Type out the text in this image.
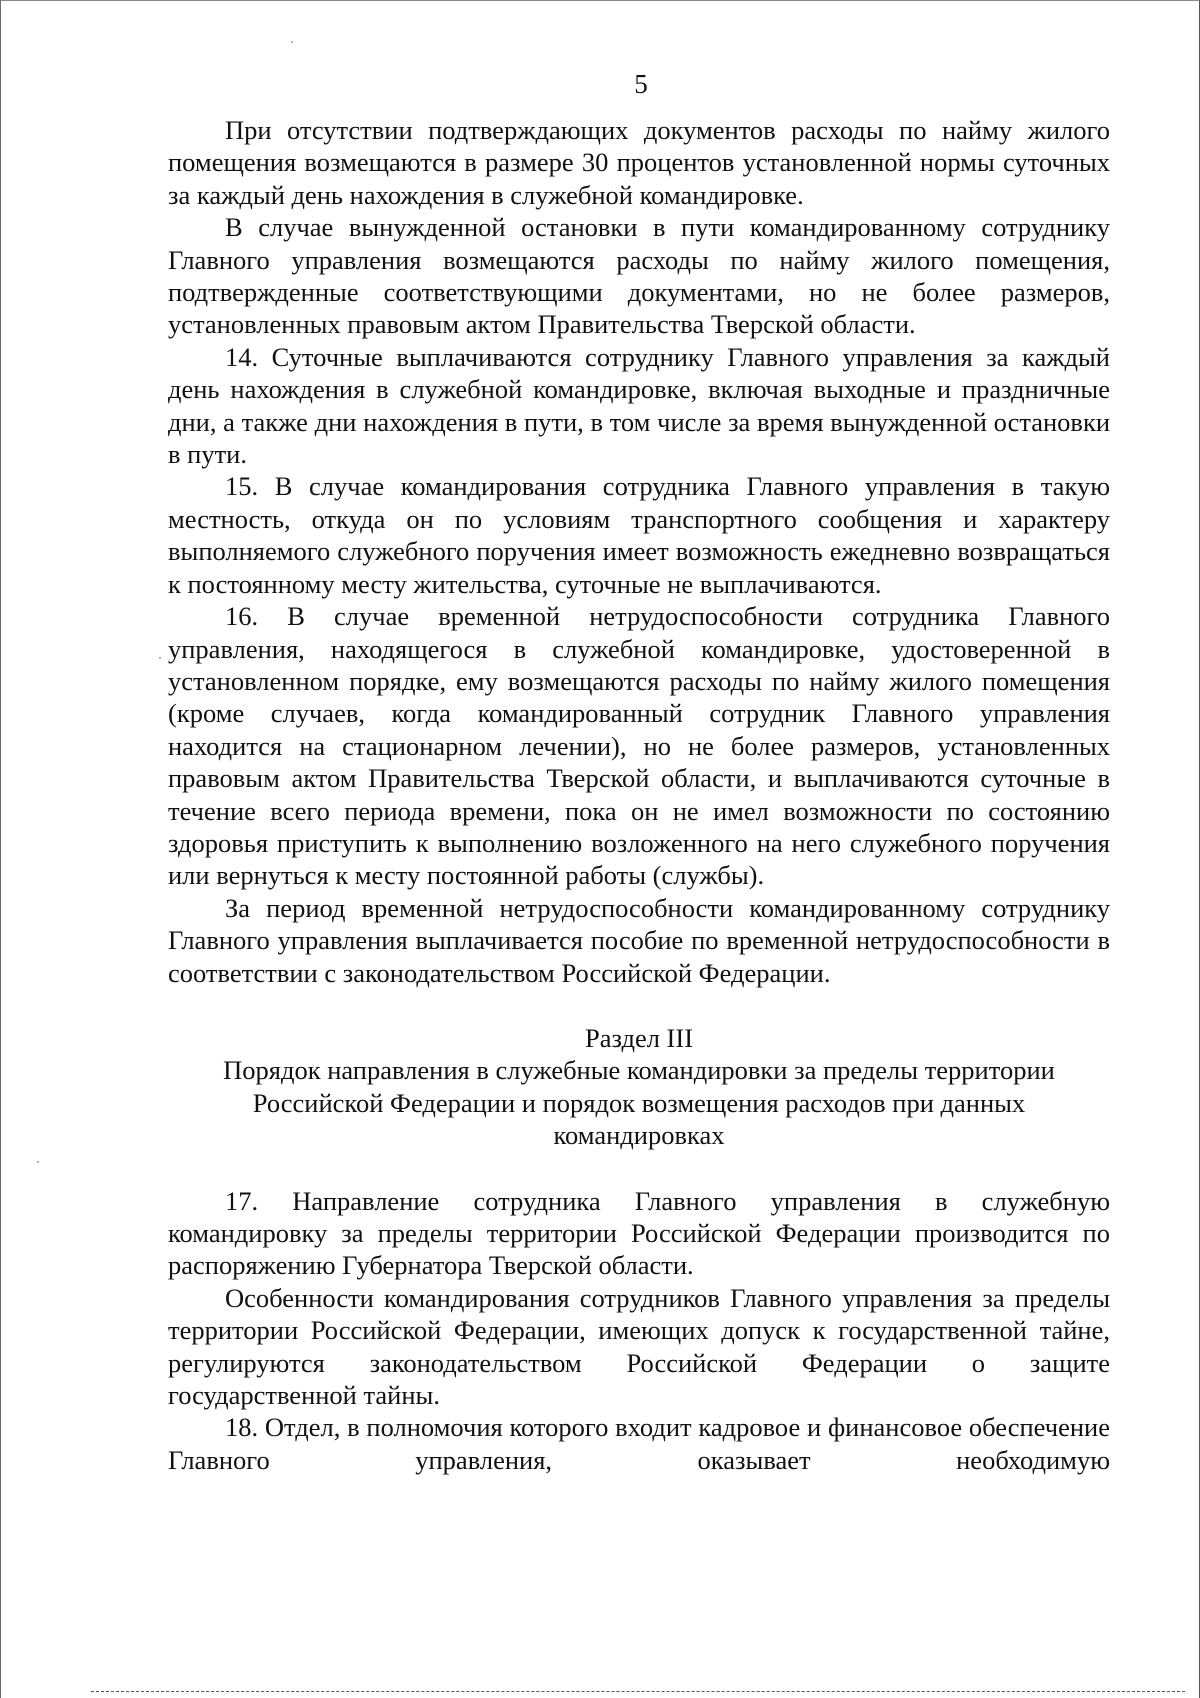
5

При отсутствии подтверждающих документов расходы по найму жилого помещения возмещаются в размере 30 процентов установленной нормы суточных за каждый день нахождения в служебной командировке.

В случае вынужденной остановки в пути командированному сотруднику Главного управления возмещаются расходы по найму жилого помещения, подтвержденные соответствующими документами, но не более размеров, установленных правовым актом Правительства Тверской области.

14. Суточные выплачиваются сотруднику Главного управления за каждый день нахождения в служебной командировке, включая выходные и праздничные дни, а также дни нахождения в пути, в том числе за время вынужденной остановки в пути.

15. В случае командирования сотрудника Главного управления в такую местность, откуда он по условиям транспортного сообщения и характеру выполняемого служебного поручения имеет возможность ежедневно возвращаться к постоянному месту жительства, суточные не выплачиваются.

16. В случае временной нетрудоспособности сотрудника Главного управления, находящегося в служебной командировке, удостоверенной в установленном порядке, ему возмещаются расходы по найму жилого помещения (кроме случаев, когда командированный сотрудник Главного управления находится на стационарном лечении), но не более размеров, установленных правовым актом Правительства Тверской области, и выплачиваются суточные в течение всего периода времени, пока он не имел возможности по состоянию здоровья приступить к выполнению возложенного на него служебного поручения или вернуться к месту постоянной работы (службы).

За период временной нетрудоспособности командированному сотруднику Главного управления выплачивается пособие по временной нетрудоспособности в соответствии с законодательством Российской Федерации.

Раздел III
Порядок направления в служебные командировки за пределы территории Российской Федерации и порядок возмещения расходов при данных командировках

17. Направление сотрудника Главного управления в служебную командировку за пределы территории Российской Федерации производится по распоряжению Губернатора Тверской области.

Особенности командирования сотрудников Главного управления за пределы территории Российской Федерации, имеющих допуск к государственной тайне, регулируются законодательством Российской Федерации о защите государственной тайны.

18. Отдел, в полномочия которого входит кадровое и финансовое обеспечение Главного управления, оказывает необходимую
